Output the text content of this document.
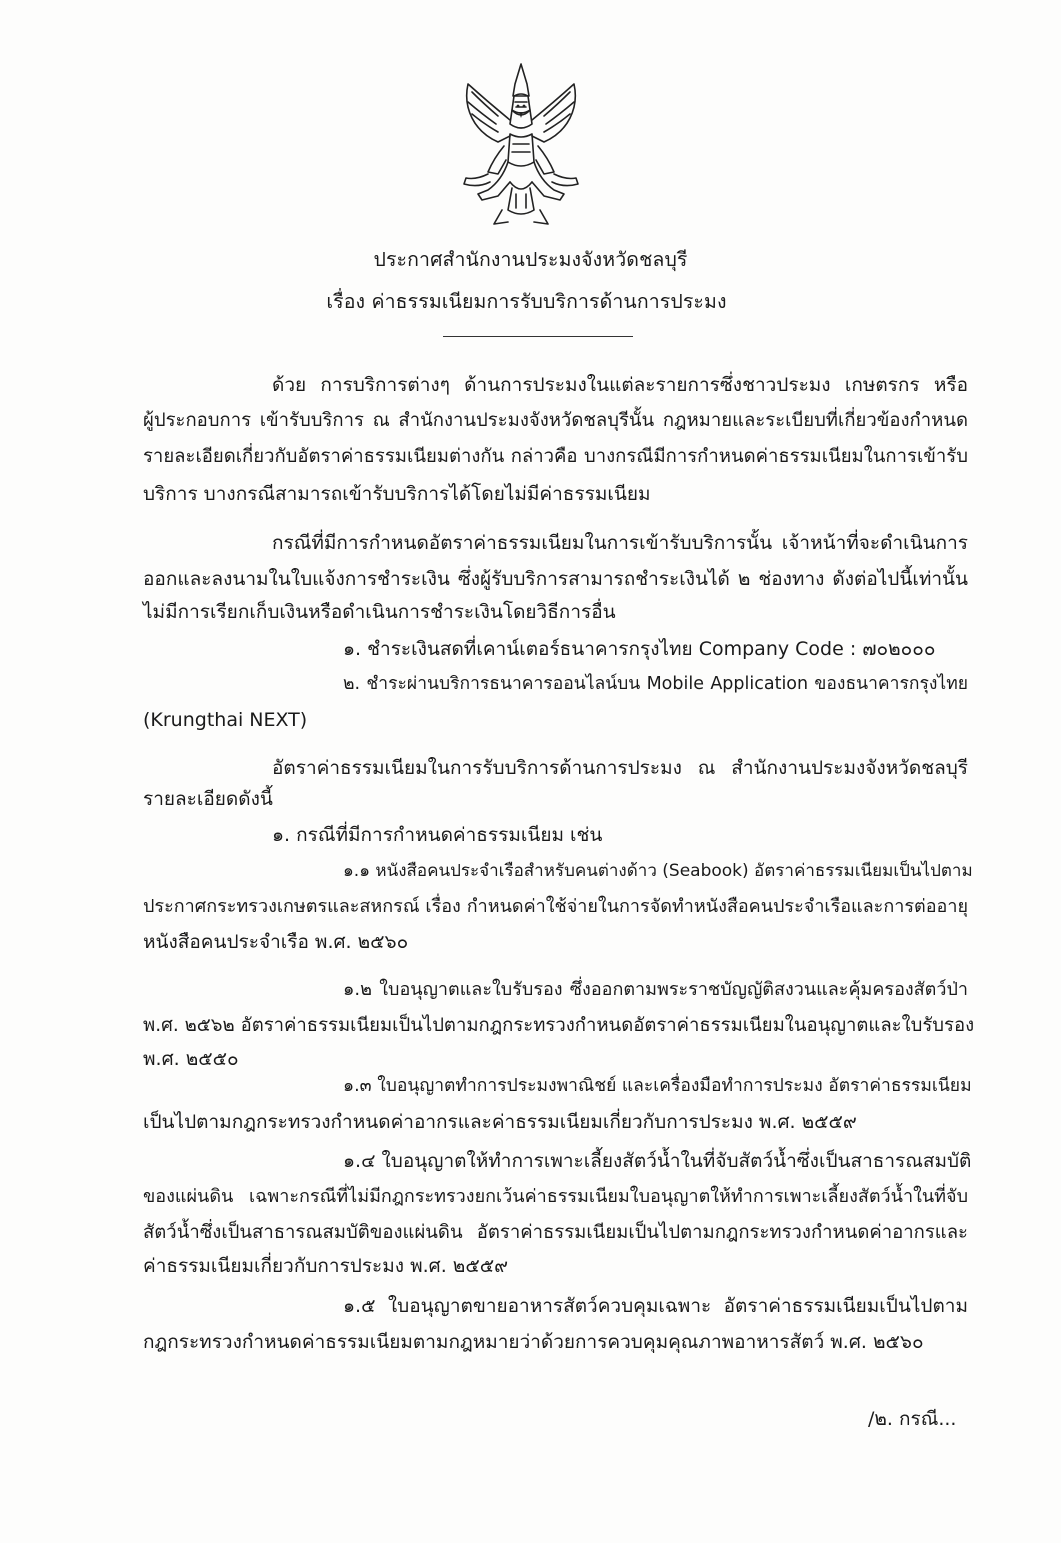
ประกาศสำนักงานประมงจังหวัดชลบุรี
เรื่อง ค่าธรรมเนียมการรับบริการด้านการประมง
ด้วย การบริการต่างๆ ด้านการประมงในแต่ละรายการซึ่งชาวประมง เกษตรกร หรือ
ผู้ประกอบการ เข้ารับบริการ ณ สำนักงานประมงจังหวัดชลบุรีนั้น กฎหมายและระเบียบที่เกี่ยวข้องกำหนด
รายละเอียดเกี่ยวกับอัตราค่าธรรมเนียมต่างกัน กล่าวคือ บางกรณีมีการกำหนดค่าธรรมเนียมในการเข้ารับ
บริการ บางกรณีสามารถเข้ารับบริการได้โดยไม่มีค่าธรรมเนียม
กรณีที่มีการกำหนดอัตราค่าธรรมเนียมในการเข้ารับบริการนั้น เจ้าหน้าที่จะดำเนินการ
ออกและลงนามในใบแจ้งการชำระเงิน ซึ่งผู้รับบริการสามารถชำระเงินได้ ๒ ช่องทาง ดังต่อไปนี้เท่านั้น
ไม่มีการเรียกเก็บเงินหรือดำเนินการชำระเงินโดยวิธีการอื่น
๑. ชำระเงินสดที่เคาน์เตอร์ธนาคารกรุงไทย Company Code : ๗๐๒๐๐๐
๒. ชำระผ่านบริการธนาคารออนไลน์บน Mobile Application ของธนาคารกรุงไทย
(Krungthai NEXT)
อัตราค่าธรรมเนียมในการรับบริการด้านการประมง ณ สำนักงานประมงจังหวัดชลบุรี
รายละเอียดดังนี้
๑. กรณีที่มีการกำหนดค่าธรรมเนียม เช่น
๑.๑ หนังสือคนประจำเรือสำหรับคนต่างด้าว (Seabook) อัตราค่าธรรมเนียมเป็นไปตาม
ประกาศกระทรวงเกษตรและสหกรณ์ เรื่อง กำหนดค่าใช้จ่ายในการจัดทำหนังสือคนประจำเรือและการต่ออายุ
หนังสือคนประจำเรือ พ.ศ. ๒๕๖๐
๑.๒ ใบอนุญาตและใบรับรอง ซึ่งออกตามพระราชบัญญัติสงวนและคุ้มครองสัตว์ป่า
พ.ศ. ๒๕๖๒ อัตราค่าธรรมเนียมเป็นไปตามกฎกระทรวงกำหนดอัตราค่าธรรมเนียมในอนุญาตและใบรับรอง
พ.ศ. ๒๕๕๐
๑.๓ ใบอนุญาตทำการประมงพาณิชย์ และเครื่องมือทำการประมง อัตราค่าธรรมเนียม
เป็นไปตามกฎกระทรวงกำหนดค่าอากรและค่าธรรมเนียมเกี่ยวกับการประมง พ.ศ. ๒๕๕๙
๑.๔ ใบอนุญาตให้ทำการเพาะเลี้ยงสัตว์น้ำในที่จับสัตว์น้ำซึ่งเป็นสาธารณสมบัติ
ของแผ่นดิน เฉพาะกรณีที่ไม่มีกฎกระทรวงยกเว้นค่าธรรมเนียมใบอนุญาตให้ทำการเพาะเลี้ยงสัตว์น้ำในที่จับ
สัตว์น้ำซึ่งเป็นสาธารณสมบัติของแผ่นดิน อัตราค่าธรรมเนียมเป็นไปตามกฎกระทรวงกำหนดค่าอากรและ
ค่าธรรมเนียมเกี่ยวกับการประมง พ.ศ. ๒๕๕๙
๑.๕ ใบอนุญาตขายอาหารสัตว์ควบคุมเฉพาะ อัตราค่าธรรมเนียมเป็นไปตาม
กฎกระทรวงกำหนดค่าธรรมเนียมตามกฎหมายว่าด้วยการควบคุมคุณภาพอาหารสัตว์ พ.ศ. ๒๕๖๐
/๒. กรณี...
